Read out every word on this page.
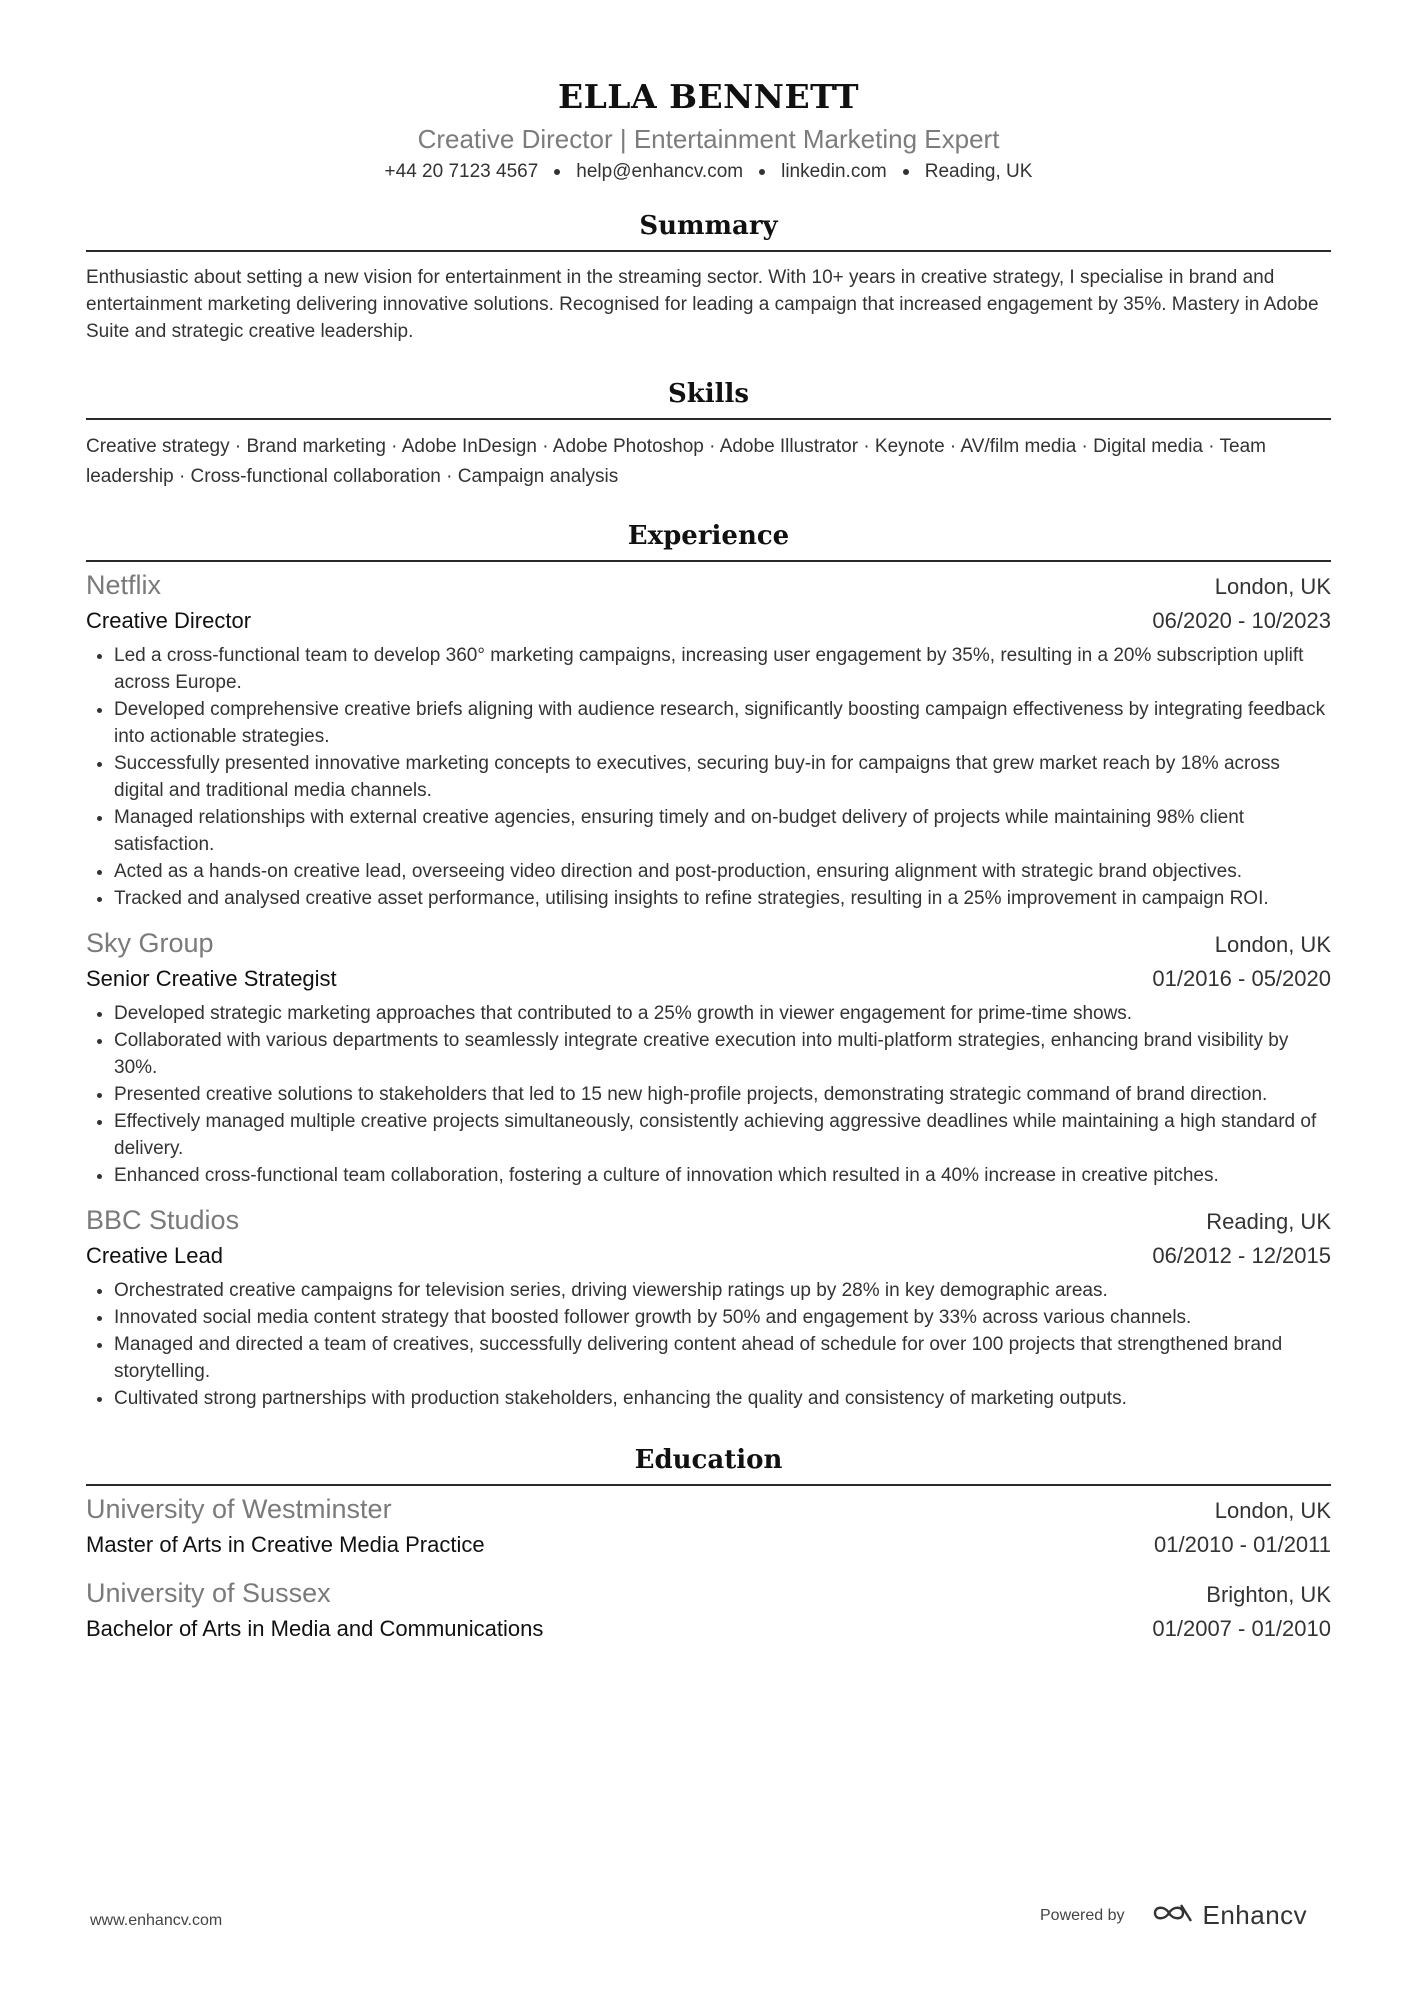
ELLA BENNETT
Creative Director | Entertainment Marketing Expert
+44 20 7123 4567 help@enhancv.com linkedin.com Reading, UK
Summary
Enthusiastic about setting a new vision for entertainment in the streaming sector. With 10+ years in creative strategy, I specialise in brand and entertainment marketing delivering innovative solutions. Recognised for leading a campaign that increased engagement by 35%. Mastery in Adobe Suite and strategic creative leadership.
Skills
Creative strategy · Brand marketing · Adobe InDesign · Adobe Photoshop · Adobe Illustrator · Keynote · AV/film media · Digital media · Team leadership · Cross-functional collaboration · Campaign analysis
Experience
Netflix	London, UK
Creative Director	06/2020 - 10/2023
• Led a cross-functional team to develop 360° marketing campaigns, increasing user engagement by 35%, resulting in a 20% subscription uplift across Europe.
• Developed comprehensive creative briefs aligning with audience research, significantly boosting campaign effectiveness by integrating feedback into actionable strategies.
• Successfully presented innovative marketing concepts to executives, securing buy-in for campaigns that grew market reach by 18% across digital and traditional media channels.
• Managed relationships with external creative agencies, ensuring timely and on-budget delivery of projects while maintaining 98% client satisfaction.
• Acted as a hands-on creative lead, overseeing video direction and post-production, ensuring alignment with strategic brand objectives.
• Tracked and analysed creative asset performance, utilising insights to refine strategies, resulting in a 25% improvement in campaign ROI.
Sky Group	London, UK
Senior Creative Strategist	01/2016 - 05/2020
• Developed strategic marketing approaches that contributed to a 25% growth in viewer engagement for prime-time shows.
• Collaborated with various departments to seamlessly integrate creative execution into multi-platform strategies, enhancing brand visibility by 30%.
• Presented creative solutions to stakeholders that led to 15 new high-profile projects, demonstrating strategic command of brand direction.
• Effectively managed multiple creative projects simultaneously, consistently achieving aggressive deadlines while maintaining a high standard of delivery.
• Enhanced cross-functional team collaboration, fostering a culture of innovation which resulted in a 40% increase in creative pitches.
BBC Studios	Reading, UK
Creative Lead	06/2012 - 12/2015
• Orchestrated creative campaigns for television series, driving viewership ratings up by 28% in key demographic areas.
• Innovated social media content strategy that boosted follower growth by 50% and engagement by 33% across various channels.
• Managed and directed a team of creatives, successfully delivering content ahead of schedule for over 100 projects that strengthened brand storytelling.
• Cultivated strong partnerships with production stakeholders, enhancing the quality and consistency of marketing outputs.
Education
University of Westminster	London, UK
Master of Arts in Creative Media Practice	01/2010 - 01/2011
University of Sussex	Brighton, UK
Bachelor of Arts in Media and Communications	01/2007 - 01/2010
www.enhancv.com	Powered by	Enhancv
